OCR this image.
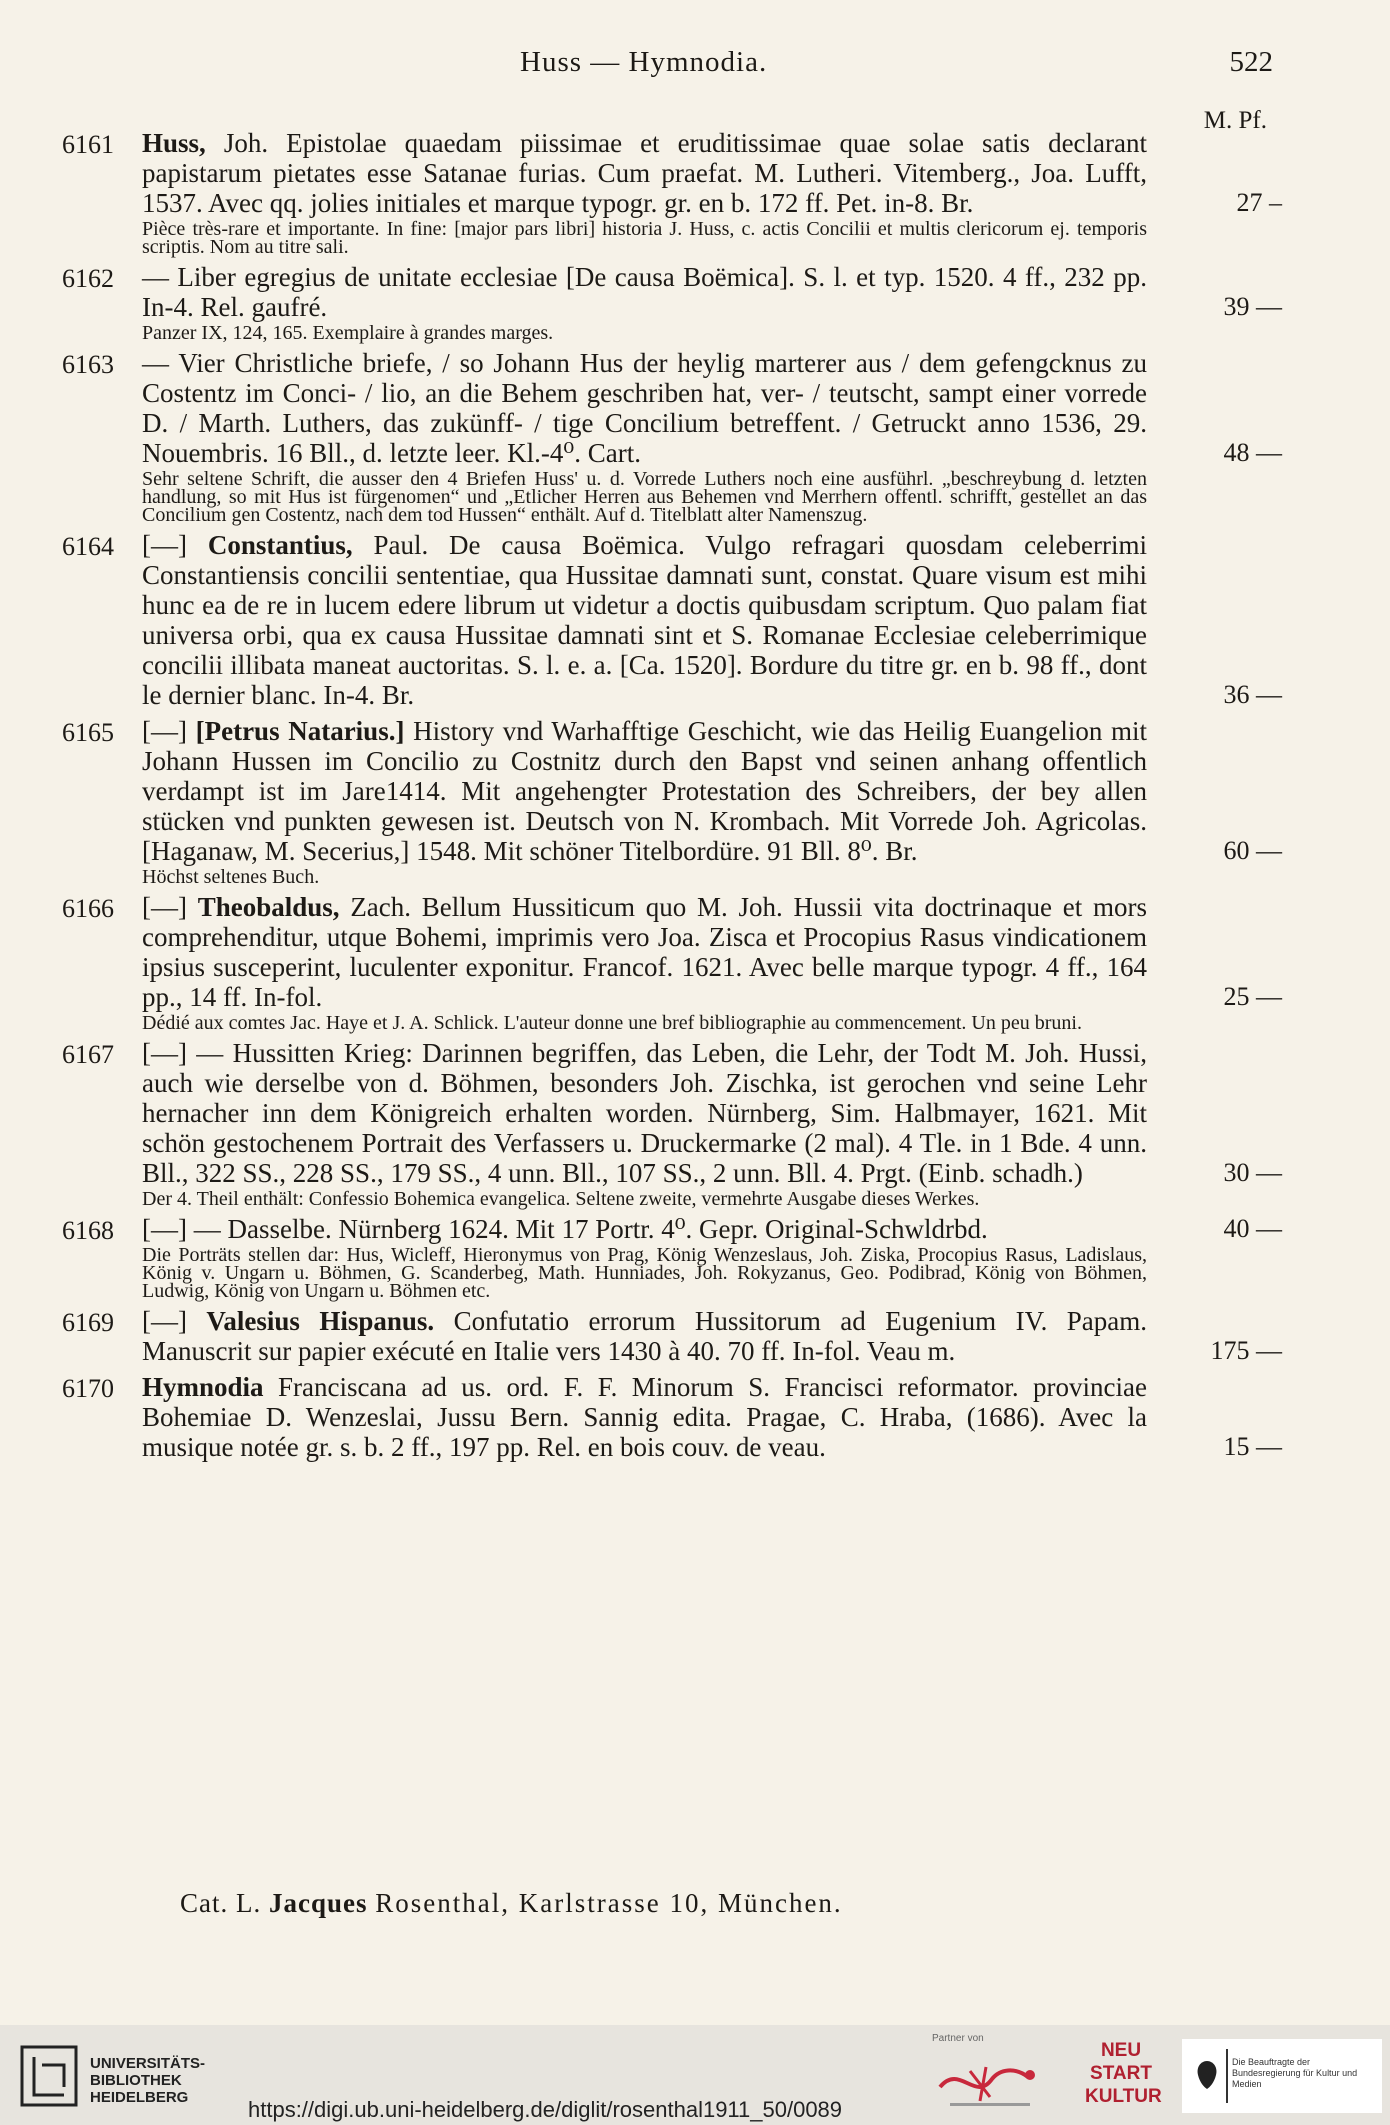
Huss — Hymnodia.	522
M. Pf.
6161 Huss, Joh. Epistolae quaedam piissimae et eruditissimae quae solae satis declarant papistarum pietates esse Satanae furias. Cum praefat. M. Lutheri. Vitemberg., Joa. Lufft, 1537. Avec qq. jolies initiales et marque typogr. gr. en b. 172 ff. Pet. in-8. Br.	27 –
Pièce très-rare et importante. In fine: [major pars libri] historia J. Huss, c. actis Concilii et multis clericorum ej. temporis scriptis. Nom au titre sali.
6162 — Liber egregius de unitate ecclesiae [De causa Boëmica]. S. l. et typ. 1520. 4 ff., 232 pp. In-4. Rel. gaufré.	39 —
Panzer IX, 124, 165. Exemplaire à grandes marges.
6163 — Vier Christliche briefe, / so Johann Hus der heylig marterer aus / dem gefengcknus zu Costentz im Conci- / lio, an die Behem geschriben hat, ver- / teutscht, sampt einer vorrede D. / Marth. Luthers, das zukünff- / tige Concilium betreffent. / Getruckt anno 1536, 29. Nouembris. 16 Bll., d. letzte leer. Kl.-4⁰. Cart.	48 —
Sehr seltene Schrift, die ausser den 4 Briefen Huss' u. d. Vorrede Luthers noch eine ausführl. „beschreybung d. letzten handlung, so mit Hus ist fürgenomen“ und „Etlicher Herren aus Behemen vnd Merrhern offentl. schrifft, gestellet an das Concilium gen Costentz, nach dem tod Hussen“ enthält. Auf d. Titelblatt alter Namenszug.
6164 [—] Constantius, Paul. De causa Boëmica. Vulgo refragari quosdam celeberrimi Constantiensis concilii sententiae, qua Hussitae damnati sunt, constat. Quare visum est mihi hunc ea de re in lucem edere librum ut videtur a doctis quibusdam scriptum. Quo palam fiat universa orbi, qua ex causa Hussitae damnati sint et S. Romanae Ecclesiae celeberrimique concilii illibata maneat auctoritas. S. l. e. a. [Ca. 1520]. Bordure du titre gr. en b. 98 ff., dont le dernier blanc. In-4. Br.	36 —
6165 [—] [Petrus Natarius.] History vnd Warhafftige Geschicht, wie das Heilig Euangelion mit Johann Hussen im Concilio zu Costnitz durch den Bapst vnd seinen anhang offentlich verdampt ist im Jare1414. Mit angehengter Protestation des Schreibers, der bey allen stücken vnd punkten gewesen ist. Deutsch von N. Krombach. Mit Vorrede Joh. Agricolas. [Haganaw, M. Secerius,] 1548. Mit schöner Titelbordüre. 91 Bll. 8⁰. Br.	60 —
Höchst seltenes Buch.
6166 [—] Theobaldus, Zach. Bellum Hussiticum quo M. Joh. Hussii vita doctrinaque et mors comprehenditur, utque Bohemi, imprimis vero Joa. Zisca et Procopius Rasus vindicationem ipsius susceperint, luculenter exponitur. Francof. 1621. Avec belle marque typogr. 4 ff., 164 pp., 14 ff. In-fol.	25 —
Dédié aux comtes Jac. Haye et J. A. Schlick. L'auteur donne une bref bibliographie au commencement. Un peu bruni.
6167 [—] — Hussitten Krieg: Darinnen begriffen, das Leben, die Lehr, der Todt M. Joh. Hussi, auch wie derselbe von d. Böhmen, besonders Joh. Zischka, ist gerochen vnd seine Lehr hernacher inn dem Königreich erhalten worden. Nürnberg, Sim. Halbmayer, 1621. Mit schön gestochenem Portrait des Verfassers u. Druckermarke (2 mal). 4 Tle. in 1 Bde. 4 unn. Bll., 322 SS., 228 SS., 179 SS., 4 unn. Bll., 107 SS., 2 unn. Bll. 4. Prgt. (Einb. schadh.)	30 —
Der 4. Theil enthält: Confessio Bohemica evangelica. Seltene zweite, vermehrte Ausgabe dieses Werkes.
6168 [—] — Dasselbe. Nürnberg 1624. Mit 17 Portr. 4⁰. Gepr. Original-Schwldrbd.	40 —
Die Porträts stellen dar: Hus, Wicleff, Hieronymus von Prag, König Wenzeslaus, Joh. Ziska, Procopius Rasus, Ladislaus, König v. Ungarn u. Böhmen, G. Scanderbeg, Math. Hunniades, Joh. Rokyzanus, Geo. Podibrad, König von Böhmen, Ludwig, König von Ungarn u. Böhmen etc.
6169 [—] Valesius Hispanus. Confutatio errorum Hussitorum ad Eugenium IV. Papam. Manuscrit sur papier exécuté en Italie vers 1430 à 40. 70 ff. In-fol. Veau m.	175 —
6170 Hymnodia Franciscana ad us. ord. F. F. Minorum S. Francisci reformator. provinciae Bohemiae D. Wenzeslai, Jussu Bern. Sannig edita. Pragae, C. Hraba, (1686). Avec la musique notée gr. s. b. 2 ff., 197 pp. Rel. en bois couv. de veau.	15 —
Cat. L. Jacques Rosenthal, Karlstrasse 10, München.
UNIVERSITÄTS-
BIBLIOTHEK
HEIDELBERG	https://digi.ub.uni-heidelberg.de/diglit/rosenthal1911_50/0089
Partner von
NEU
START
KULTUR
Die Beauftragte der Bundesregierung für Kultur und Medien
